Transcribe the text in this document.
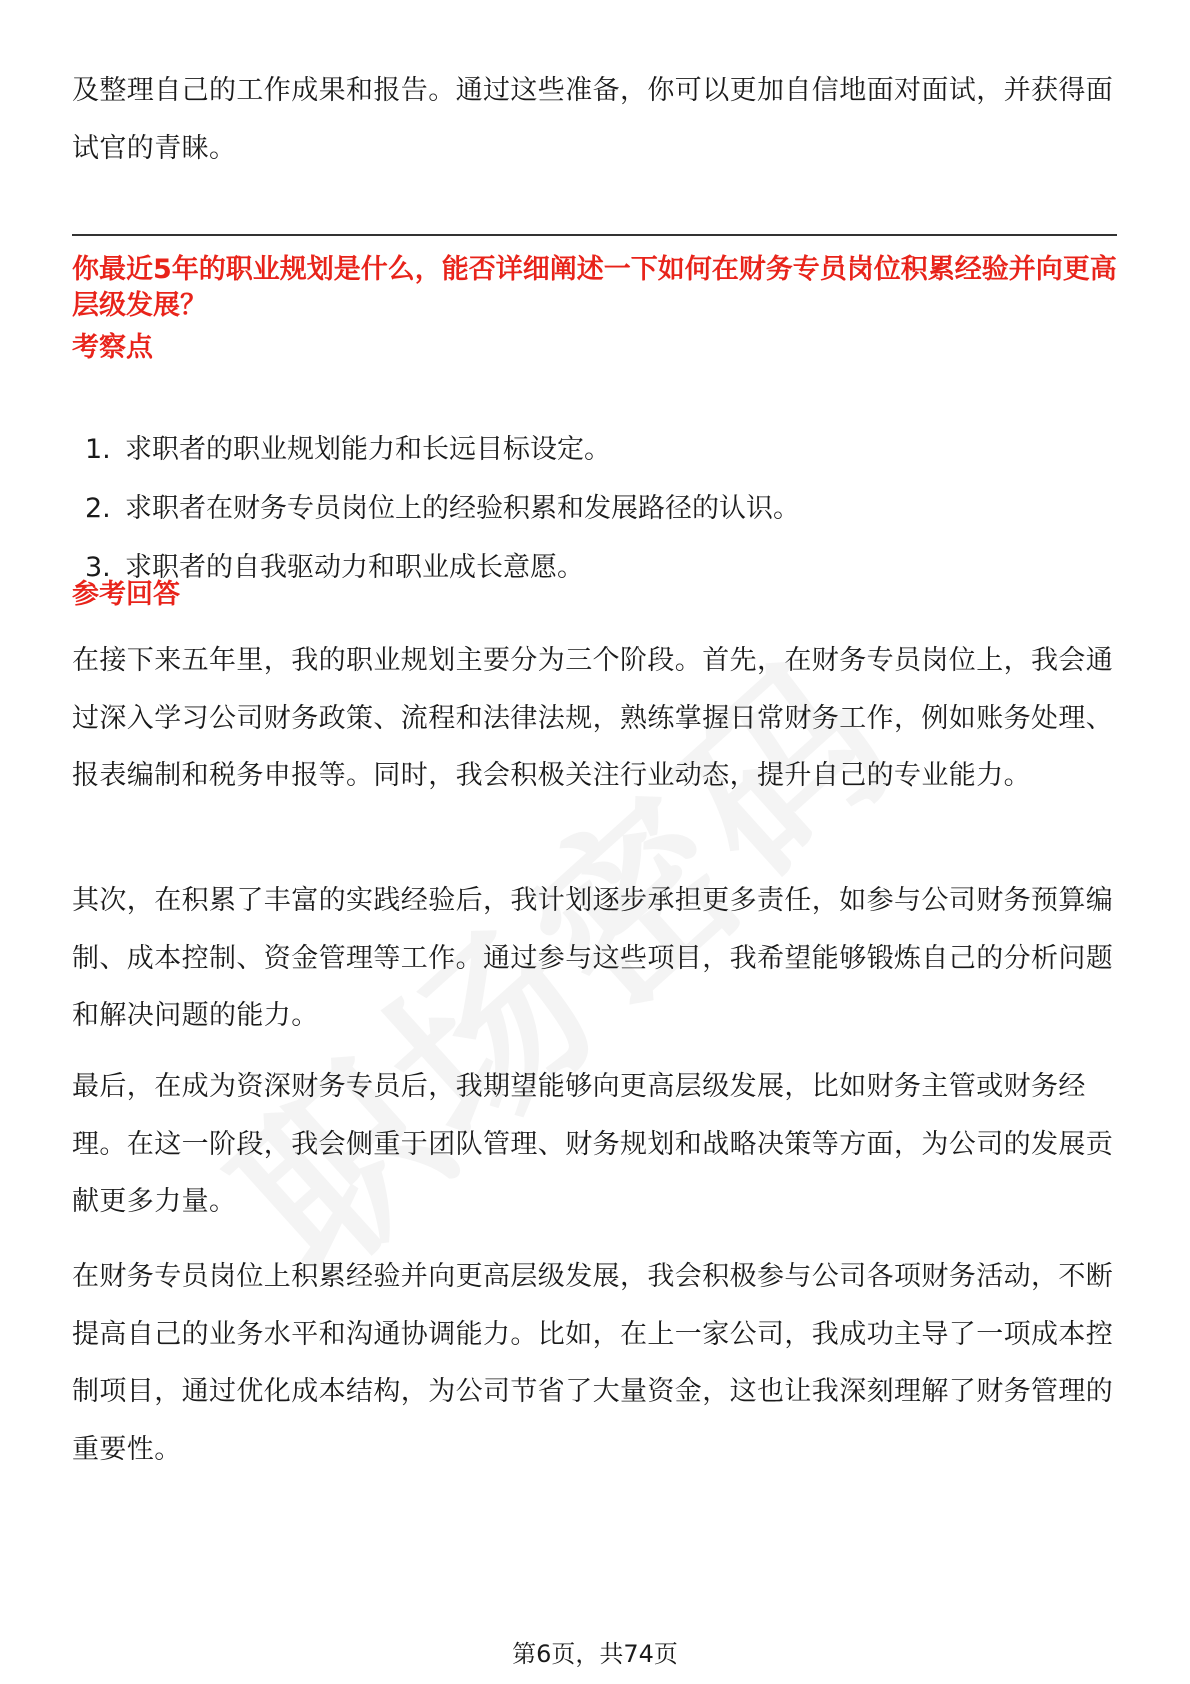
及整理自己的工作成果和报告。通过这些准备，你可以更加自信地面对面试，并获得面试官的青睐。

你最近5年的职业规划是什么，能否详细阐述一下如何在财务专员岗位积累经验并向更高层级发展？

考察点

1. 求职者的职业规划能力和长远目标设定。
2. 求职者在财务专员岗位上的经验积累和发展路径的认识。
3. 求职者的自我驱动力和职业成长意愿。

参考回答

在接下来五年里，我的职业规划主要分为三个阶段。首先，在财务专员岗位上，我会通过深入学习公司财务政策、流程和法律法规，熟练掌握日常财务工作，例如账务处理、报表编制和税务申报等。同时，我会积极关注行业动态，提升自己的专业能力。

其次，在积累了丰富的实践经验后，我计划逐步承担更多责任，如参与公司财务预算编制、成本控制、资金管理等工作。通过参与这些项目，我希望能够锻炼自己的分析问题和解决问题的能力。

最后，在成为资深财务专员后，我期望能够向更高层级发展，比如财务主管或财务经理。在这一阶段，我会侧重于团队管理、财务规划和战略决策等方面，为公司的发展贡献更多力量。

在财务专员岗位上积累经验并向更高层级发展，我会积极参与公司各项财务活动，不断提高自己的业务水平和沟通协调能力。比如，在上一家公司，我成功主导了一项成本控制项目，通过优化成本结构，为公司节省了大量资金，这也让我深刻理解了财务管理的重要性。

第6页，共74页
